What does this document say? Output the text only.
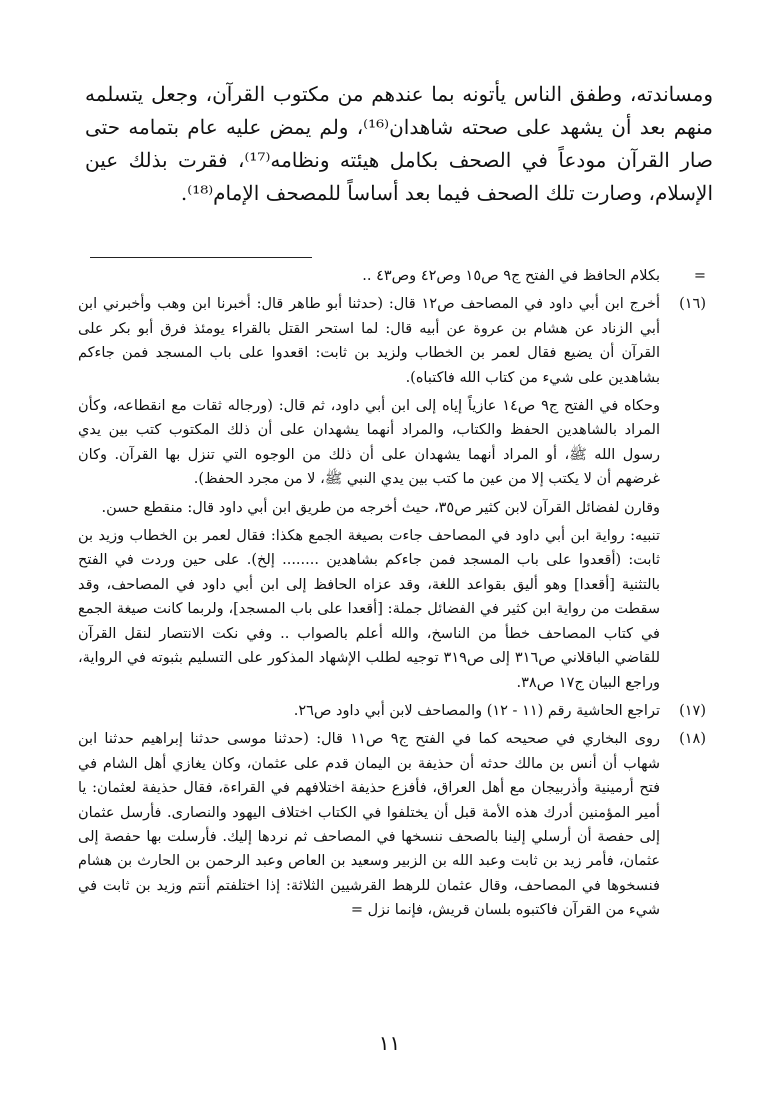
ومساندته، وطفق الناس يأتونه بما عندهم من مكتوب القرآن، وجعل يتسلمه منهم بعد أن يشهد على صحته شاهدان⁽¹⁶⁾، ولم يمض عليه عام بتمامه حتى صار القرآن مودعاً في الصحف بكامل هيئته ونظامه⁽¹⁷⁾، فقرت بذلك عين الإسلام، وصارت تلك الصحف فيما بعد أساساً للمصحف الإمام⁽¹⁸⁾.

=

بكلام الحافظ في الفتح ج٩ ص١٥ وص٤٢ وص٤٣ ..

(١٦)

أخرج ابن أبي داود في المصاحف ص١٢ قال: (حدثنا أبو طاهر قال: أخبرنا ابن وهب وأخبرني ابن أبي الزناد عن هشام بن عروة عن أبيه قال: لما استحر القتل بالقراء يومئذ فرق أبو بكر على القرآن أن يضيع فقال لعمر بن الخطاب ولزيد بن ثابت: اقعدوا على باب المسجد فمن جاءكم بشاهدين على شيء من كتاب الله فاكتباه).

وحكاه في الفتح ج٩ ص١٤ عازياً إياه إلى ابن أبي داود، ثم قال: (ورجاله ثقات مع انقطاعه، وكأن المراد بالشاهدين الحفظ والكتاب، والمراد أنهما يشهدان على أن ذلك المكتوب كتب بين يدي رسول الله ﷺ، أو المراد أنهما يشهدان على أن ذلك من الوجوه التي تنزل بها القرآن. وكان غرضهم أن لا يكتب إلا من عين ما كتب بين يدي النبي ﷺ، لا من مجرد الحفظ).

وقارن لفضائل القرآن لابن كثير ص٣٥، حيث أخرجه من طريق ابن أبي داود قال: منقطع حسن.

تنبيه: رواية ابن أبي داود في المصاحف جاءت بصيغة الجمع هكذا: فقال لعمر بن الخطاب وزيد بن ثابت: (أقعدوا على باب المسجد فمن جاءكم بشاهدين ........ إلخ). على حين وردت في الفتح بالتثنية [أقعدا] وهو أليق بقواعد اللغة، وقد عزاه الحافظ إلى ابن أبي داود في المصاحف، وقد سقطت من رواية ابن كثير في الفضائل جملة: [أقعدا على باب المسجد]، ولربما كانت صيغة الجمع في كتاب المصاحف خطأ من الناسخ، والله أعلم بالصواب .. وفي نكت الانتصار لنقل القرآن للقاضي الباقلاني ص٣١٦ إلى ص٣١٩ توجيه لطلب الإشهاد المذكور على التسليم بثبوته في الرواية، وراجع البيان ج١٧ ص٣٨.

(١٧)

تراجع الحاشية رقم (١١ - ١٢) والمصاحف لابن أبي داود ص٢٦.

(١٨)

روى البخاري في صحيحه كما في الفتح ج٩ ص١١ قال: (حدثنا موسى حدثنا إبراهيم حدثنا ابن شهاب أن أنس بن مالك حدثه أن حذيفة بن اليمان قدم على عثمان، وكان يغازي أهل الشام في فتح أرمينية وأذربيجان مع أهل العراق، فأفزع حذيفة اختلافهم في القراءة، فقال حذيفة لعثمان: يا أمير المؤمنين أدرك هذه الأمة قبل أن يختلفوا في الكتاب اختلاف اليهود والنصارى. فأرسل عثمان إلى حفصة أن أرسلي إلينا بالصحف ننسخها في المصاحف ثم نردها إليك. فأرسلت بها حفصة إلى عثمان، فأمر زيد بن ثابت وعبد الله بن الزبير وسعيد بن العاص وعبد الرحمن بن الحارث بن هشام فنسخوها في المصاحف، وقال عثمان للرهط القرشيين الثلاثة: إذا اختلفتم أنتم وزيد بن ثابت في شيء من القرآن فاكتبوه بلسان قريش، فإنما نزل =

١١
